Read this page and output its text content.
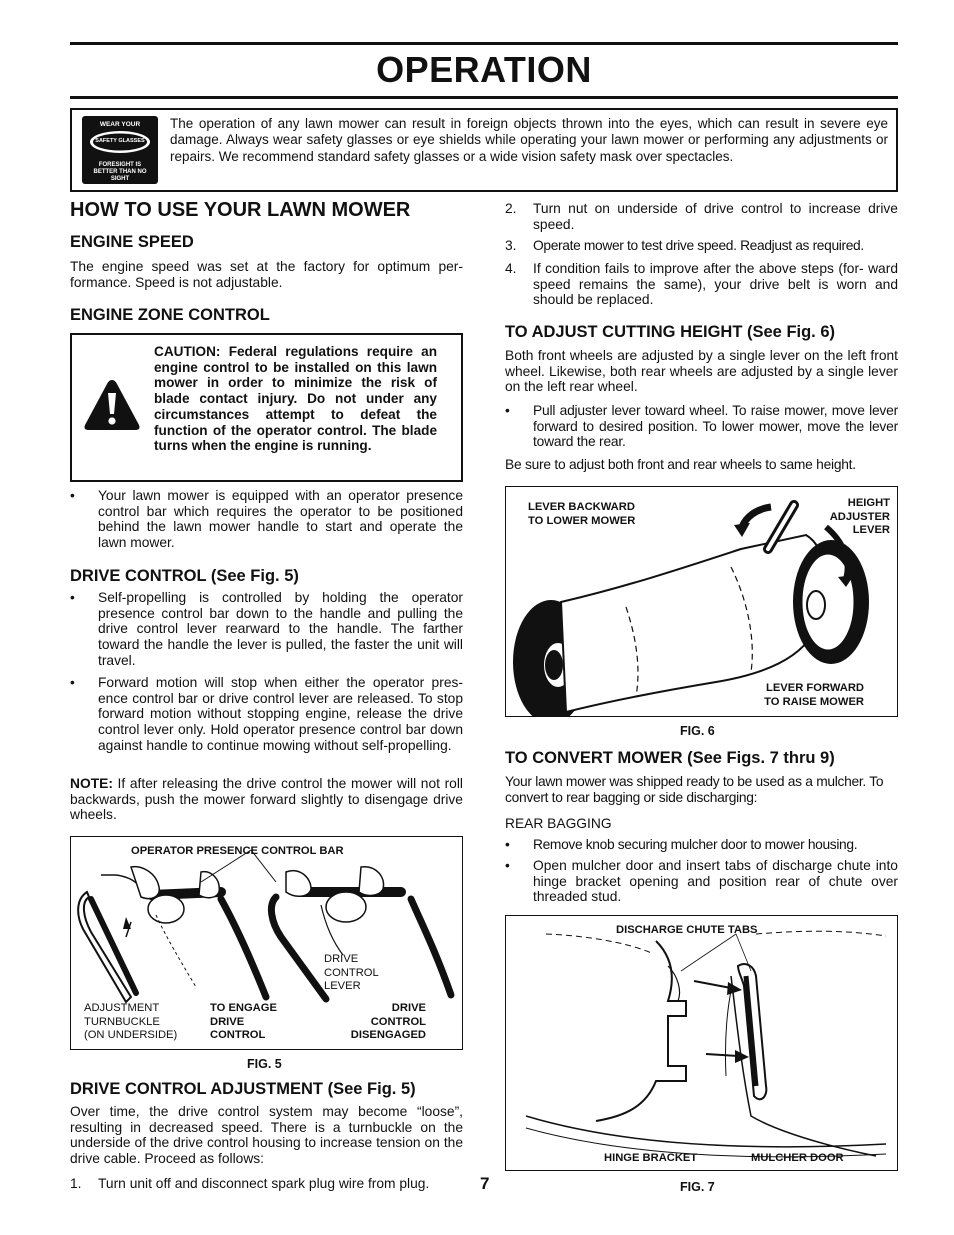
OPERATION
WEAR YOUR
SAFETY GLASSES
FORESIGHT IS BETTER THAN NO SIGHT
The operation of any lawn mower can result in foreign objects thrown into the eyes, which can result in severe eye damage. Always wear safety glasses or eye shields while operating your lawn mower or performing any adjustments or repairs. We recommend standard safety glasses or a wide vision safety mask over spectacles.
HOW TO USE YOUR LAWN MOWER
ENGINE SPEED

The engine speed was set at the factory for optimum per- formance. Speed is not adjustable.

ENGINE ZONE CONTROL
CAUTION: Federal regulations require an engine control to be installed on this lawn mower in order to minimize the risk of blade contact injury. Do not under any circumstances attempt to defeat the function of the operator control. The blade turns when the engine is running.
• Your lawn mower is equipped with an operator presence control bar which requires the operator to be positioned behind the lawn mower handle to start and operate the lawn mower.

DRIVE CONTROL (See Fig. 5)
• Self-propelling is controlled by holding the operator presence control bar down to the handle and pulling the drive control lever rearward to the handle. The farther toward the handle the lever is pulled, the faster the unit will travel.

• Forward motion will stop when either the operator pres- ence control bar or drive control lever are released. To stop forward motion without stopping engine, release the drive control lever only. Hold operator presence control bar down against handle to continue mowing without self-propelling.

NOTE: If after releasing the drive control the mower will not roll backwards, push the mower forward slightly to disengage drive wheels.

OPERATOR PRESENCE CONTROL BAR
DRIVE
CONTROL
LEVER
ADJUSTMENT
TURNBUCKLE
(ON UNDERSIDE)
TO ENGAGE
DRIVE
CONTROL
DRIVE
CONTROL
DISENGAGED
FIG. 5
DRIVE CONTROL ADJUSTMENT (See Fig. 5)

Over time, the drive control system may become “loose”, resulting in decreased speed. There is a turnbuckle on the underside of the drive control housing to increase tension on the drive cable. Proceed as follows:

1. Turn unit off and disconnect spark plug wire from plug.	7
2. Turn nut on underside of drive control to increase drive speed.

3. Operate mower to test drive speed. Readjust as required.

4. If condition fails to improve after the above steps (for- ward speed remains the same), your drive belt is worn and should be replaced.

TO ADJUST CUTTING HEIGHT (See Fig. 6)

Both front wheels are adjusted by a single lever on the left front wheel. Likewise, both rear wheels are adjusted by a single lever on the left rear wheel.

• Pull adjuster lever toward wheel. To raise mower, move lever forward to desired position. To lower mower, move the lever toward the rear.

Be sure to adjust both front and rear wheels to same height.

LEVER BACKWARD
TO LOWER MOWER
HEIGHT
ADJUSTER
LEVER
LEVER FORWARD
TO RAISE MOWER
FIG. 6
TO CONVERT MOWER (See Figs. 7 thru 9)

Your lawn mower was shipped ready to be used as a mulcher. To convert to rear bagging or side discharging:

REAR BAGGING

• Remove knob securing mulcher door to mower housing.

• Open mulcher door and insert tabs of discharge chute into hinge bracket opening and position rear of chute over threaded stud.

DISCHARGE CHUTE TABS
HINGE BRACKET	MULCHER DOOR
FIG. 7
